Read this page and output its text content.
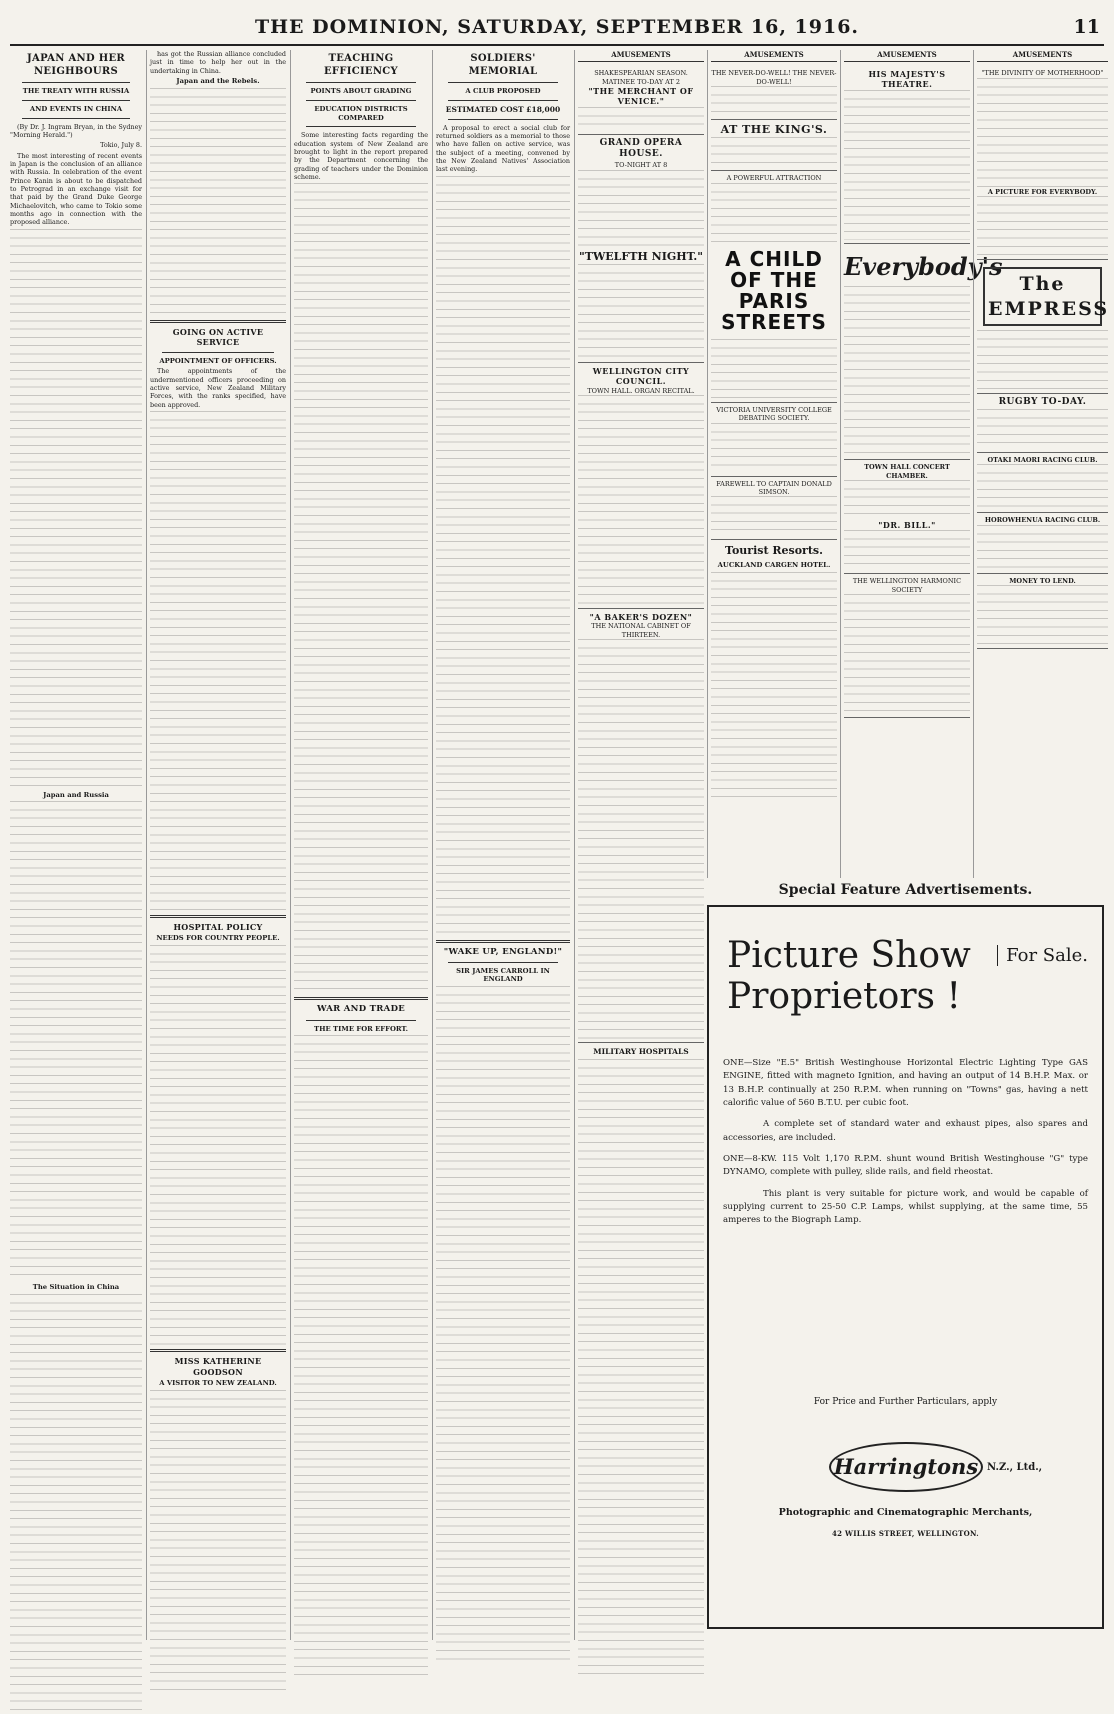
THE DOMINION, SATURDAY, SEPTEMBER 16, 1916.	11
JAPAN AND HER NEIGHBOURS
THE TREATY WITH RUSSIA
AND EVENTS IN CHINA

(By Dr. J. Ingram Bryan, in the Sydney "Morning Herald.")

Tokio, July 8.

The most interesting of recent events in Japan is the conclusion of an alliance with Russia. In celebration of the event Prince Kanin is about to be dispatched to Petrograd in an exchange visit for that paid by the Grand Duke George Michaelovitch, who came to Tokio some months ago in connection with the proposed alliance.

Japan and Russia
The Situation in China

has got the Russian alliance concluded just in time to help her out in the undertaking in China.

Japan and the Rebels.
GOING ON ACTIVE SERVICE
APPOINTMENT OF OFFICERS.

The appointments of the undermentioned officers proceeding on active service, New Zealand Military Forces, with the ranks specified, have been approved.

HOSPITAL POLICY
NEEDS FOR COUNTRY PEOPLE.
MISS KATHERINE GOODSON
A VISITOR TO NEW ZEALAND.
TEACHING EFFICIENCY
POINTS ABOUT GRADING
EDUCATION DISTRICTS COMPARED

Some interesting facts regarding the education system of New Zealand are brought to light in the report prepared by the Department concerning the grading of teachers under the Dominion scheme.

WAR AND TRADE
THE TIME FOR EFFORT.
SOLDIERS' MEMORIAL
A CLUB PROPOSED
ESTIMATED COST £18,000

A proposal to erect a social club for returned soldiers as a memorial to those who have fallen on active service, was the subject of a meeting, convened by the New Zealand Natives' Association last evening.

"WAKE UP, ENGLAND!"
SIR JAMES CARROLL IN ENGLAND
AMUSEMENTS
SHAKESPEARIAN SEASON. MATINEE TO-DAY AT 2
"THE MERCHANT OF VENICE."
GRAND OPERA HOUSE.
TO-NIGHT AT 8
"TWELFTH NIGHT."
WELLINGTON CITY COUNCIL.
TOWN HALL. ORGAN RECITAL.
"A BAKER'S DOZEN"
THE NATIONAL CABINET OF THIRTEEN.
MILITARY HOSPITALS
AMUSEMENTS
THE NEVER-DO-WELL! THE NEVER-DO-WELL!
AT THE KING'S.
A POWERFUL ATTRACTION
A CHILD OF THE PARIS STREETS
VICTORIA UNIVERSITY COLLEGE DEBATING SOCIETY.
FAREWELL TO CAPTAIN DONALD SIMSON.
Tourist Resorts.
AUCKLAND CARGEN HOTEL.
AMUSEMENTS
HIS MAJESTY'S THEATRE.
Everybody's
TOWN HALL CONCERT CHAMBER.
"DR. BILL."
THE WELLINGTON HARMONIC SOCIETY
AMUSEMENTS
"THE DIVINITY OF MOTHERHOOD"
A PICTURE FOR EVERYBODY.
The EMPRESS
RUGBY TO-DAY.
OTAKI MAORI RACING CLUB.
HOROWHENUA RACING CLUB.
MONEY TO LEND.
Special Feature Advertisements.
Picture Show
Proprietors !
For Sale.

ONE—Size "E.5" British Westinghouse Horizontal Electric Lighting Type GAS ENGINE, fitted with magneto Ignition, and having an output of 14 B.H.P. Max. or 13 B.H.P. continually at 250 R.P.M. when running on "Towns" gas, having a nett calorific value of 560 B.T.U. per cubic foot.

A complete set of standard water and exhaust pipes, also spares and accessories, are included.

ONE—8-KW. 115 Volt 1,170 R.P.M. shunt wound British Westinghouse "G" type DYNAMO, complete with pulley, slide rails, and field rheostat.

This plant is very suitable for picture work, and would be capable of supplying current to 25-50 C.P. Lamps, whilst supplying, at the same time, 55 amperes to the Biograph Lamp.

For Price and Further Particulars, apply
Harringtons N.Z., Ltd.,
Photographic and Cinematographic Merchants,
42 WILLIS STREET, WELLINGTON.
